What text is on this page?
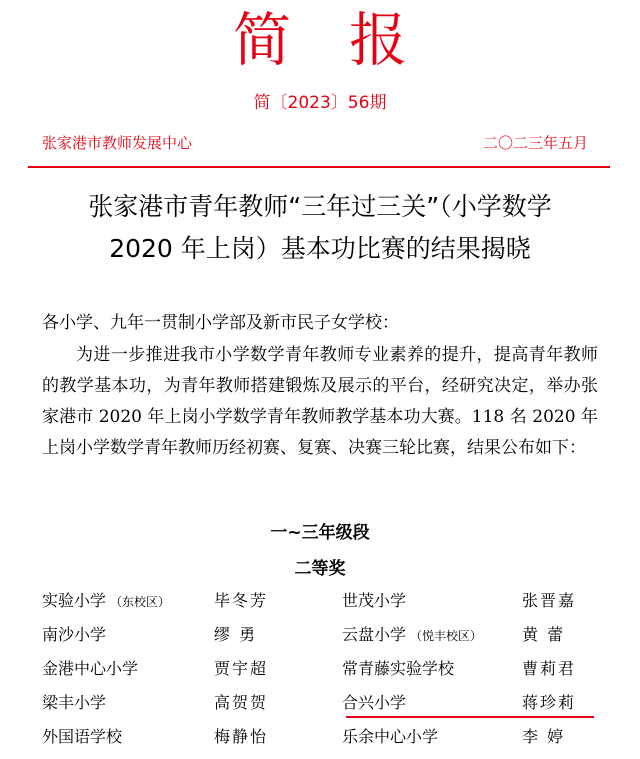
简报
简〔2023〕56期
张家港市教师发展中心	二〇二三年五月
张家港市青年教师“三年过三关”（小学数学
2020 年上岗）基本功比赛的结果揭晓
各小学、九年一贯制小学部及新市民子女学校：

为进一步推进我市小学数学青年教师专业素养的提升，提高青年教师的教学基本功，为青年教师搭建锻炼及展示的平台，经研究决定，举办张家港市 2020 年上岗小学数学青年教师教学基本功大赛。118 名 2020 年上岗小学数学青年教师历经初赛、复赛、决赛三轮比赛，结果公布如下：

一~三年级段
二等奖
实验小学 （东校区）	毕冬芳	世茂小学	张晋嘉
南沙小学	缪 勇	云盘小学 （悦丰校区） 黄 蕾
金港中心小学	贾宇超	常青藤实验学校	曹莉君
梁丰小学	高贺贺	合兴小学	蒋珍莉
外国语学校	梅静怡	乐余中心小学	李 婷
